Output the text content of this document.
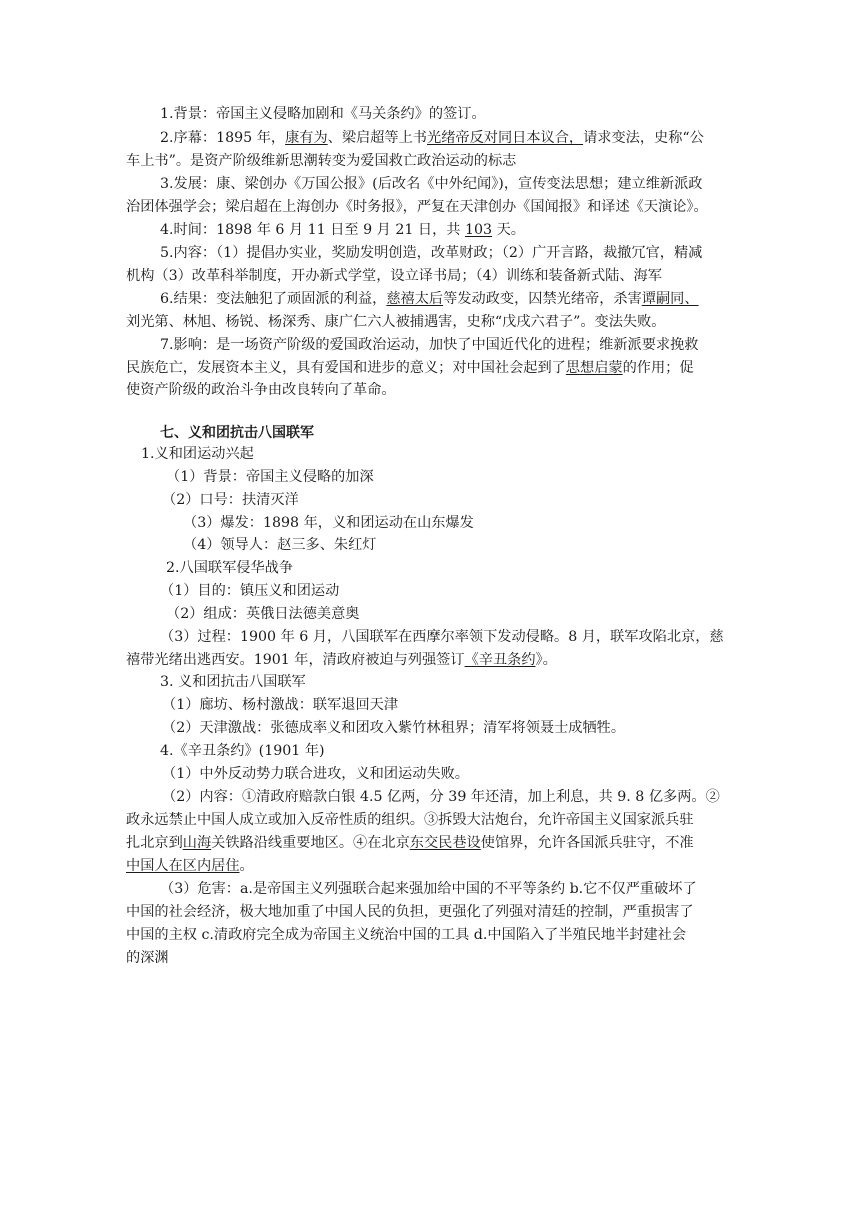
1.背景：帝国主义侵略加剧和《马关条约》的签订。
2.序幕：1895 年，康有为、梁启超等上书光绪帝反对同日本议合，请求变法，史称“公
车上书”。是资产阶级维新思潮转变为爱国救亡政治运动的标志
3.发展：康、梁创办《万国公报》(后改名《中外纪闻》)，宣传变法思想；建立维新派政
治团体强学会；梁启超在上海创办《时务报》，严复在天津创办《国闻报》和译述《天演论》。
4.时间：1898 年 6 月 11 日至 9 月 21 日，共 103 天。
5.内容：（1）提倡办实业，奖励发明创造，改革财政；（2）广开言路，裁撤冗官，精减
机构（3）改革科举制度，开办新式学堂，设立译书局；（4）训练和装备新式陆、海军
6.结果：变法触犯了顽固派的利益，慈禧太后等发动政变，囚禁光绪帝，杀害谭嗣同、
刘光第、林旭、杨锐、杨深秀、康广仁六人被捕遇害，史称“戊戌六君子”。变法失败。
7.影响：是一场资产阶级的爱国政治运动，加快了中国近代化的进程；维新派要求挽救
民族危亡，发展资本主义，具有爱国和进步的意义；对中国社会起到了思想启蒙的作用；促
使资产阶级的政治斗争由改良转向了革命。
七、义和团抗击八国联军
1.义和团运动兴起
（1）背景：帝国主义侵略的加深
（2）口号：扶清灭洋
（3）爆发：1898 年，义和团运动在山东爆发
（4）领导人：赵三多、朱红灯
2.八国联军侵华战争
（1）目的：镇压义和团运动
（2）组成：英俄日法德美意奥
（3）过程：1900 年 6 月，八国联军在西摩尔率领下发动侵略。8 月，联军攻陷北京，慈
禧带光绪出逃西安。1901 年，清政府被迫与列强签订《辛丑条约》。
3. 义和团抗击八国联军
（1）廊坊、杨村激战：联军退回天津
（2）天津激战：张德成率义和团攻入紫竹林租界；清军将领聂士成牺牲。
4.《辛丑条约》(1901 年)
（1）中外反动势力联合进攻，义和团运动失败。
（2）内容：①清政府赔款白银 4.5 亿两，分 39 年还清，加上利息，共 9. 8 亿多两。②
政永远禁止中国人成立或加入反帝性质的组织。③拆毁大沽炮台，允许帝国主义国家派兵驻
扎北京到山海关铁路沿线重要地区。④在北京东交民巷设使馆界，允许各国派兵驻守，不准
中国人在区内居住。
（3）危害：a.是帝国主义列强联合起来强加给中国的不平等条约 b.它不仅严重破坏了
中国的社会经济，极大地加重了中国人民的负担，更强化了列强对清廷的控制，严重损害了
中国的主权 c.清政府完全成为帝国主义统治中国的工具 d.中国陷入了半殖民地半封建社会
的深渊
